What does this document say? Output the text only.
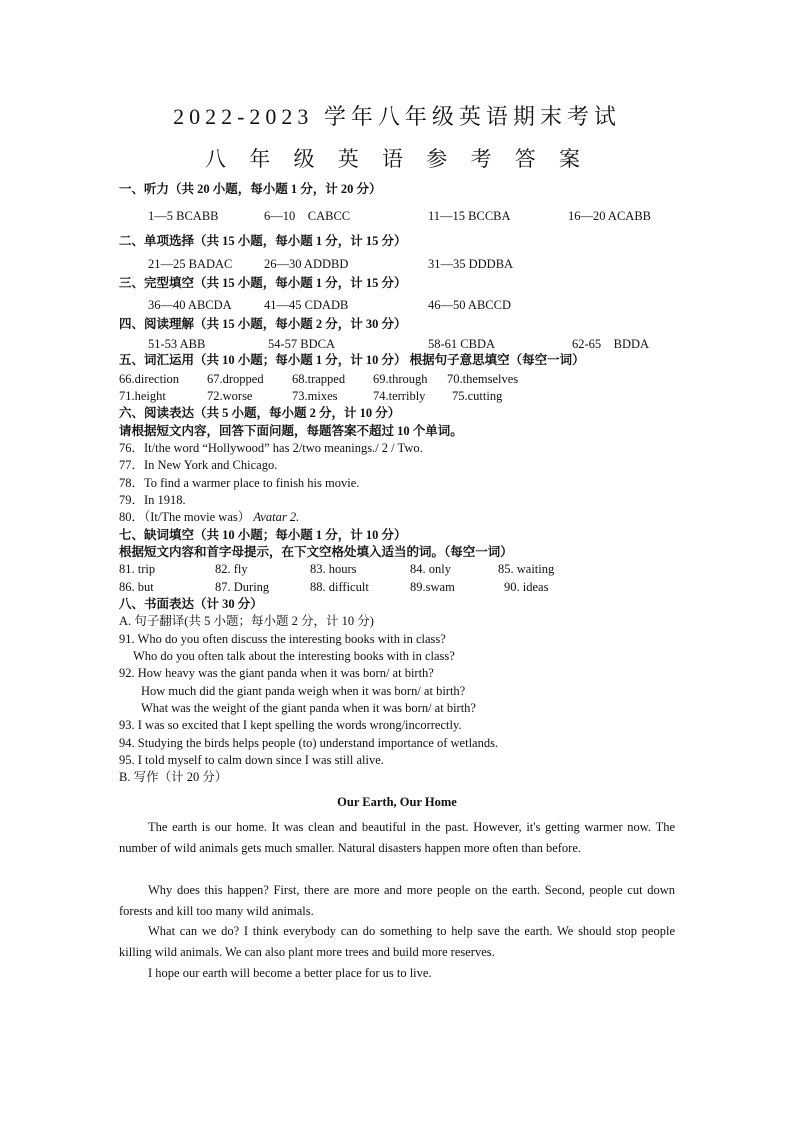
2022-2023 学年八年级英语期末考试
八 年 级 英 语 参 考 答 案
一、听力（共 20 小题，每小题 1 分，计 20 分）
1—5 BCABB	6—10    CABCC	11—15 BCCBA	16—20 ACABB
二、单项选择（共 15 小题，每小题 1 分，计 15 分）
21—25 BADAC	26—30 ADDBD	31—35 DDDBA
三、完型填空（共 15 小题，每小题 1 分，计 15 分）
36—40 ABCDA	41—45 CDADB	46—50 ABCCD
四、阅读理解（共 15 小题，每小题 2 分，计 30 分）
51-53 ABB	54-57 BDCA	58-61 CBDA	62-65    BDDA
五、词汇运用（共 10 小题；每小题 1 分，计 10 分） 根据句子意思填空（每空一词）
66.direction 67.dropped 68.trapped 69.through 70.themselves
71.height	72.worse	73.mixes	74.terribly 75.cutting
六、阅读表达（共 5 小题，每小题 2 分，计 10 分）
请根据短文内容，回答下面问题，每题答案不超过 10 个单词。
76．It/the word “Hollywood” has 2/two meanings./ 2 / Two.
77．In New York and Chicago.
78．To find a warmer place to finish his movie.
79．In 1918.
80．（It/The movie was） Avatar 2.
七、缺词填空（共 10 小题；每小题 1 分，计 10 分）
根据短文内容和首字母提示，在下文空格处填入适当的词。（每空一词）
81. trip	82. fly	83. hours	84. only	85. waiting
86. but	87. During	88. difficult	89.swam	90. ideas
八、书面表达（计 30 分）
A. 句子翻译(共 5 小题；每小题 2 分，计 10 分)
91. Who do you often discuss the interesting books with in class?
Who do you often talk about the interesting books with in class?
92. How heavy was the giant panda when it was born/ at birth?
How much did the giant panda weigh when it was born/ at birth?
What was the weight of the giant panda when it was born/ at birth?
93. I was so excited that I kept spelling the words wrong/incorrectly.
94. Studying the birds helps people (to) understand importance of wetlands.
95. I told myself to calm down since I was still alive.
B. 写作（计 20 分）
Our Earth, Our Home
The earth is our home. It was clean and beautiful in the past. However, it's getting warmer now. The number of wild animals gets much smaller. Natural disasters happen more often than before.
Why does this happen? First, there are more and more people on the earth. Second, people cut down forests and kill too many wild animals.
What can we do? I think everybody can do something to help save the earth. We should stop people killing wild animals. We can also plant more trees and build more reserves.
I hope our earth will become a better place for us to live.
